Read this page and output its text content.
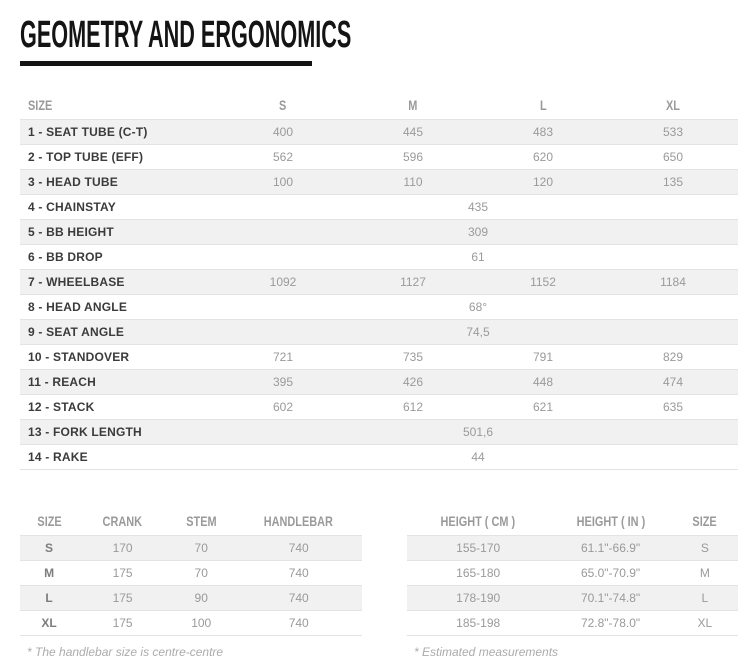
GEOMETRY AND ERGONOMICS
SIZE	S	M	L	XL
1 - SEAT TUBE (C-T)	400	445	483	533
2 - TOP TUBE (EFF)	562	596	620	650
3 - HEAD TUBE	100	110	120	135
4 - CHAINSTAY	435			
5 - BB HEIGHT	309			
6 - BB DROP	61			
7 - WHEELBASE	1092	1127	1152	1184
8 - HEAD ANGLE	68°			
9 - SEAT ANGLE	74,5			
10 - STANDOVER	721	735	791	829
11 - REACH	395	426	448	474
12 - STACK	602	612	621	635
13 - FORK LENGTH	501,6			
14 - RAKE	44			
SIZE	CRANK	STEM	HANDLEBAR
S	170	70	740
M	175	70	740
L	175	90	740
XL	175	100	740
* The handlebar size is centre-centre
HEIGHT ( CM )	HEIGHT ( IN )	SIZE
155-170	61.1"-66.9"	S
165-180	65.0"-70.9"	M
178-190	70.1"-74.8"	L
185-198	72.8"-78.0"	XL
* Estimated measurements
